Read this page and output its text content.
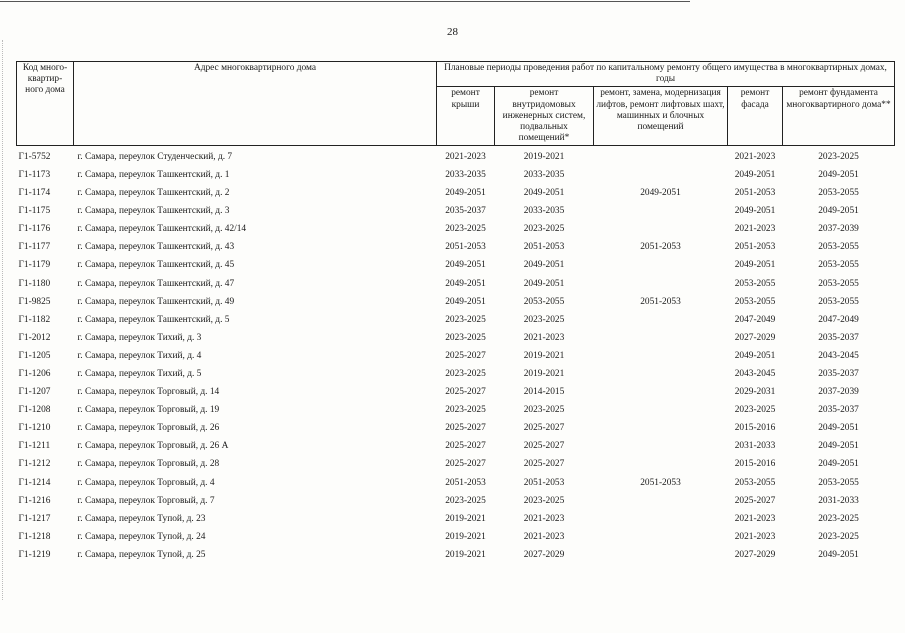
28
Код много-квартир-ного дома	Адрес многоквартирного дома	Плановые периоды проведения работ по капитальному ремонту общего имущества в многоквартирных домах, годы				
		ремонт крыши	ремонт внутридомовых инженерных систем, подвальных помещений*	ремонт, замена, модернизация лифтов, ремонт лифтовых шахт, машинных и блочных помещений	ремонт фасада	ремонт фундамента многоквартирного дома**
Г1-5752	г. Самара, переулок Студенческий, д. 7	2021-2023	2019-2021		2021-2023	2023-2025
Г1-1173	г. Самара, переулок Ташкентский, д. 1	2033-2035	2033-2035		2049-2051	2049-2051
Г1-1174	г. Самара, переулок Ташкентский, д. 2	2049-2051	2049-2051	2049-2051	2051-2053	2053-2055
Г1-1175	г. Самара, переулок Ташкентский, д. 3	2035-2037	2033-2035		2049-2051	2049-2051
Г1-1176	г. Самара, переулок Ташкентский, д. 42/14	2023-2025	2023-2025		2021-2023	2037-2039
Г1-1177	г. Самара, переулок Ташкентский, д. 43	2051-2053	2051-2053	2051-2053	2051-2053	2053-2055
Г1-1179	г. Самара, переулок Ташкентский, д. 45	2049-2051	2049-2051		2049-2051	2053-2055
Г1-1180	г. Самара, переулок Ташкентский, д. 47	2049-2051	2049-2051		2053-2055	2053-2055
Г1-9825	г. Самара, переулок Ташкентский, д. 49	2049-2051	2053-2055	2051-2053	2053-2055	2053-2055
Г1-1182	г. Самара, переулок Ташкентский, д. 5	2023-2025	2023-2025		2047-2049	2047-2049
Г1-2012	г. Самара, переулок Тихий, д. 3	2023-2025	2021-2023		2027-2029	2035-2037
Г1-1205	г. Самара, переулок Тихий, д. 4	2025-2027	2019-2021		2049-2051	2043-2045
Г1-1206	г. Самара, переулок Тихий, д. 5	2023-2025	2019-2021		2043-2045	2035-2037
Г1-1207	г. Самара, переулок Торговый, д. 14	2025-2027	2014-2015		2029-2031	2037-2039
Г1-1208	г. Самара, переулок Торговый, д. 19	2023-2025	2023-2025		2023-2025	2035-2037
Г1-1210	г. Самара, переулок Торговый, д. 26	2025-2027	2025-2027		2015-2016	2049-2051
Г1-1211	г. Самара, переулок Торговый, д. 26 А	2025-2027	2025-2027		2031-2033	2049-2051
Г1-1212	г. Самара, переулок Торговый, д. 28	2025-2027	2025-2027		2015-2016	2049-2051
Г1-1214	г. Самара, переулок Торговый, д. 4	2051-2053	2051-2053	2051-2053	2053-2055	2053-2055
Г1-1216	г. Самара, переулок Торговый, д. 7	2023-2025	2023-2025		2025-2027	2031-2033
Г1-1217	г. Самара, переулок Тупой, д. 23	2019-2021	2021-2023		2021-2023	2023-2025
Г1-1218	г. Самара, переулок Тупой, д. 24	2019-2021	2021-2023		2021-2023	2023-2025
Г1-1219	г. Самара, переулок Тупой, д. 25	2019-2021	2027-2029		2027-2029	2049-2051
